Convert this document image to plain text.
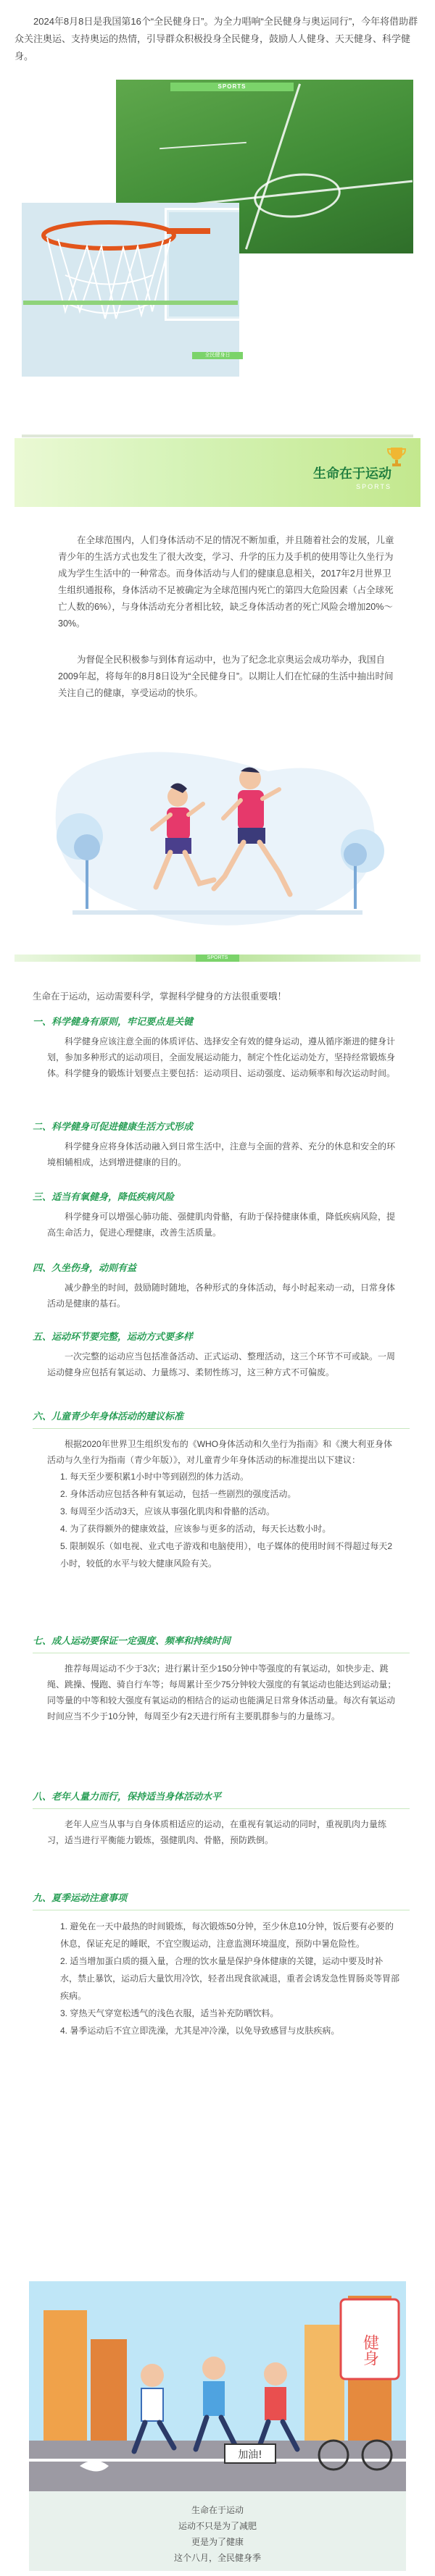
2024年8月8日是我国第16个“全民健身日”。为全力唱响“全民健身与奥运同行”，今年将借助群众关注奥运、支持奥运的热情，引导群众积极投身全民健身，鼓励人人健身、天天健身、科学健身。

SPORTS
全民健身日
生命在于运动
SPORTS

在全球范围内，人们身体活动不足的情况不断加重，并且随着社会的发展，儿童青少年的生活方式也发生了很大改变，学习、升学的压力及手机的使用等让久坐行为成为学生生活中的一种常态。而身体活动与人们的健康息息相关，2017年2月世界卫生组织通报称，身体活动不足被确定为全球范围内死亡的第四大危险因素（占全球死亡人数的6%），与身体活动充分者相比较，缺乏身体活动者的死亡风险会增加20%～30%。

为督促全民积极参与到体育运动中，也为了纪念北京奥运会成功举办，我国自2009年起，将每年的8月8日设为“全民健身日”。以期让人们在忙碌的生活中抽出时间关注自己的健康，享受运动的快乐。

SPORTS

生命在于运动，运动需要科学，掌握科学健身的方法很重要哦！

一、科学健身有原则，牢记要点是关键

科学健身应该注意全面的体质评估、选择安全有效的健身运动，遵从循序渐进的健身计划，参加多种形式的运动项目，全面发展运动能力，制定个性化运动处方，坚持经常锻炼身体。科学健身的锻炼计划要点主要包括：运动项目、运动强度、运动频率和每次运动时间。

二、科学健身可促进健康生活方式形成

科学健身应将身体活动融入到日常生活中，注意与全面的营养、充分的休息和安全的环境相辅相成，达到增进健康的目的。

三、适当有氧健身，降低疾病风险

科学健身可以增强心肺功能、强健肌肉骨骼，有助于保持健康体重，降低疾病风险，提高生命活力，促进心理健康，改善生活质量。

四、久坐伤身，动则有益

减少静坐的时间，鼓励随时随地，各种形式的身体活动，每小时起来动一动，日常身体活动是健康的基石。

五、运动环节要完整，运动方式要多样

一次完整的运动应当包括准备活动、正式运动、整理活动，这三个环节不可或缺。一周运动健身应包括有氧运动、力量练习、柔韧性练习，这三种方式不可偏废。

六、儿童青少年身体活动的建议标准

根据2020年世界卫生组织发布的《WHO身体活动和久坐行为指南》和《澳大利亚身体活动与久坐行为指南（青少年版）》，对儿童青少年身体活动的标准提出以下建议：

1. 每天至少要积累1小时中等到剧烈的体力活动。
2. 身体活动应包括各种有氧运动，包括一些剧烈的强度活动。
3. 每周至少活动3天，应该从事强化肌肉和骨骼的活动。
4. 为了获得额外的健康效益，应该参与更多的活动，每天长达数小时。
5. 限制娱乐（如电视、业式电子游戏和电脑使用），电子媒体的使用时间不得超过每天2小时，较低的水平与较大健康风险有关。
七、成人运动要保证一定强度、频率和持续时间

推荐每周运动不少于3次；进行累计至少150分钟中等强度的有氧运动，如快步走、跳绳、跳操、慢跑、骑自行车等；每周累计至少75分钟较大强度的有氧运动也能达到运动量；同等量的中等和较大强度有氧运动的相结合的运动也能满足日常身体活动量。每次有氧运动时间应当不少于10分钟，每周至少有2天进行所有主要肌群参与的力量练习。

八、老年人量力而行，保持适当身体活动水平

老年人应当从事与自身体质相适应的运动，在重视有氧运动的同时，重视肌肉力量练习，适当进行平衡能力锻炼，强健肌肉、骨骼，预防跌倒。

九、夏季运动注意事项
1. 避免在一天中最热的时间锻炼，每次锻炼50分钟，至少休息10分钟，饭后要有必要的休息，保证充足的睡眠，不宜空腹运动，注意监测环境温度，预防中暑危险性。
2. 适当增加蛋白质的摄入量，合理的饮水量是保护身体健康的关键，运动中要及时补水，禁止暴饮，运动后大量饮用冷饮，轻者出现食欲减退，重者会诱发急性胃肠炎等胃部疾病。
3. 穿热天气穿宽松透气的浅色衣服，适当补充防晒饮料。
4. 暑季运动后不宜立即洗澡，尤其是冲冷澡，以免导致感冒与皮肤疾病。
健身
加油!
生命在于运动
运动不只是为了减肥
更是为了健康
这个八月，全民健身季
